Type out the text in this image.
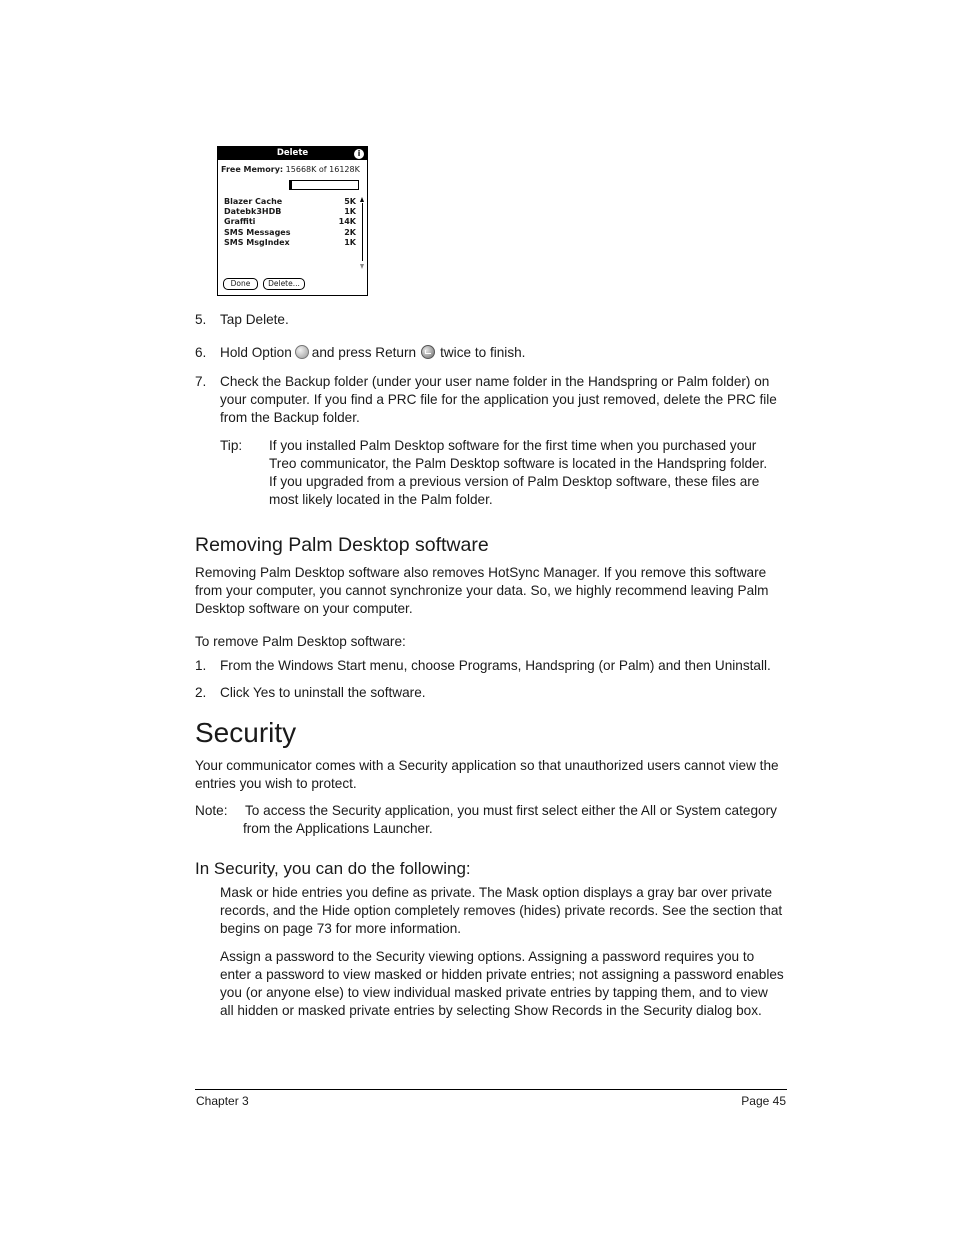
Delete	i
Free Memory: 15668K of 16128K
Blazer Cache	5K
Datebk3HDB	1K
Graffiti	14K
SMS Messages	2K
SMS MsgIndex	1K
Done	Delete...
5.	Tap Delete.
6.	Hold Option and press Return twice to finish.
7.	Check the Backup folder (under your user name folder in the Handspring or Palm folder) on
your computer. If you find a PRC file for the application you just removed, delete the PRC file
from the Backup folder.
Tip: If you installed Palm Desktop software for the first time when you purchased your
Treo communicator, the Palm Desktop software is located in the Handspring folder.
If you upgraded from a previous version of Palm Desktop software, these files are
most likely located in the Palm folder.
Removing Palm Desktop software
Removing Palm Desktop software also removes HotSync Manager. If you remove this software
from your computer, you cannot synchronize your data. So, we highly recommend leaving Palm
Desktop software on your computer.
To remove Palm Desktop software:
1.	From the Windows Start menu, choose Programs, Handspring (or Palm) and then Uninstall.
2.	Click Yes to uninstall the software.
Security
Your communicator comes with a Security application so that unauthorized users cannot view the
entries you wish to protect.
Note: To access the Security application, you must first select either the All or System category
from the Applications Launcher.
In Security, you can do the following:
Mask or hide entries you define as private. The Mask option displays a gray bar over private
records, and the Hide option completely removes (hides) private records. See the section that
begins on page 73 for more information.
Assign a password to the Security viewing options. Assigning a password requires you to
enter a password to view masked or hidden private entries; not assigning a password enables
you (or anyone else) to view individual masked private entries by tapping them, and to view
all hidden or masked private entries by selecting Show Records in the Security dialog box.
Chapter 3	Page 45
